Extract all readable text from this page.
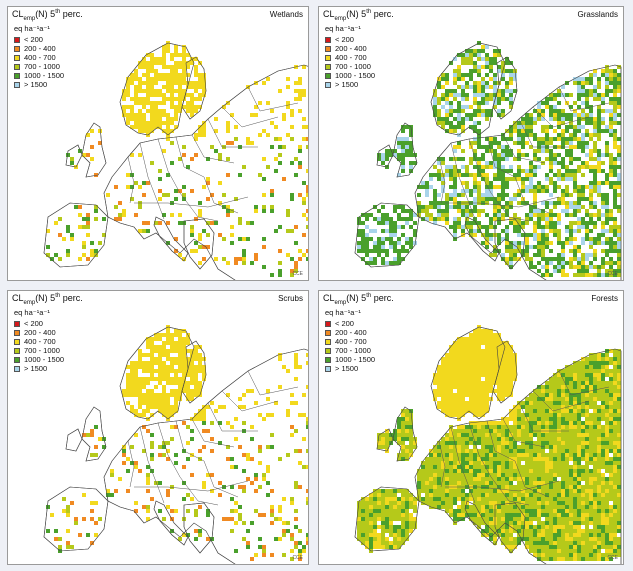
$CL_{emp}(N)$ 5th perc.	Wetlands
eq ha⁻¹a⁻¹
< 200
200 - 400
400 - 700
700 - 1000
1000 - 1500
> 1500
CCE
$CL_{emp}(N)$ 5th perc.	Grasslands
eq ha⁻¹a⁻¹
< 200
200 - 400
400 - 700
700 - 1000
1000 - 1500
> 1500
CCE
$CL_{emp}(N)$ 5th perc.	Scrubs
eq ha⁻¹a⁻¹
< 200
200 - 400
400 - 700
700 - 1000
1000 - 1500
> 1500
CCE
$CL_{emp}(N)$ 5th perc.	Forests
eq ha⁻¹a⁻¹
< 200
200 - 400
400 - 700
700 - 1000
1000 - 1500
> 1500
CCE
